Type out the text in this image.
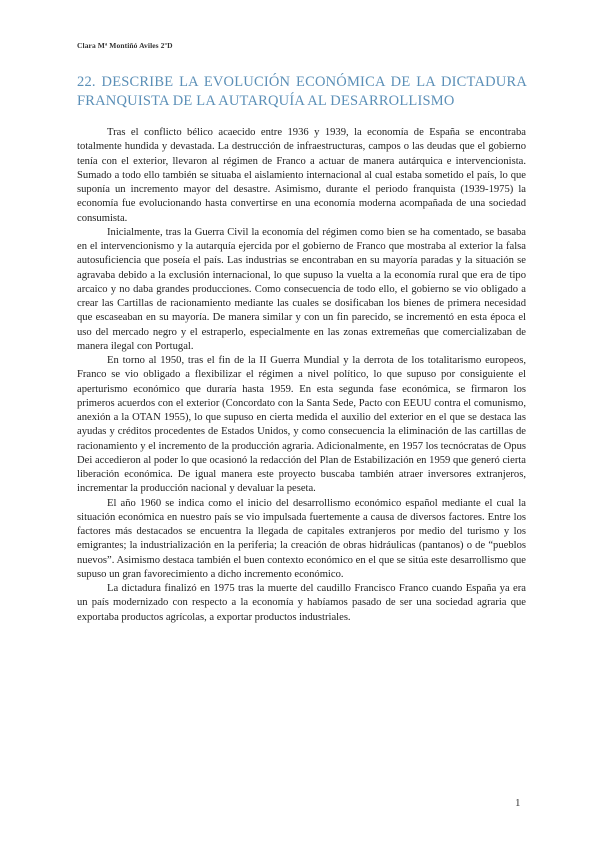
Clara Mª Montiñó Aviles 2ºD
22. DESCRIBE LA EVOLUCIÓN ECONÓMICA DE LA DICTADURA FRANQUISTA DE LA AUTARQUÍA AL DESARROLLISMO

Tras el conflicto bélico acaecido entre 1936 y 1939, la economía de España se encontraba totalmente hundida y devastada. La destrucción de infraestructuras, campos o las deudas que el gobierno tenía con el exterior, llevaron al régimen de Franco a actuar de manera autárquica e intervencionista. Sumado a todo ello también se situaba el aislamiento internacional al cual estaba sometido el país, lo que suponía un incremento mayor del desastre. Asimismo, durante el periodo franquista (1939-1975) la economía fue evolucionando hasta convertirse en una economía moderna acompañada de una sociedad consumista.

Inicialmente, tras la Guerra Civil la economía del régimen como bien se ha comentado, se basaba en el intervencionismo y la autarquía ejercida por el gobierno de Franco que mostraba al exterior la falsa autosuficiencia que poseía el país. Las industrias se encontraban en su mayoría paradas y la situación se agravaba debido a la exclusión internacional, lo que supuso la vuelta a la economía rural que era de tipo arcaico y no daba grandes producciones. Como consecuencia de todo ello, el gobierno se vio obligado a crear las Cartillas de racionamiento mediante las cuales se dosificaban los bienes de primera necesidad que escaseaban en su mayoría. De manera similar y con un fin parecido, se incrementó en esta época el uso del mercado negro y el estraperlo, especialmente en las zonas extremeñas que comercializaban de manera ilegal con Portugal.

En torno al 1950, tras el fin de la II Guerra Mundial y la derrota de los totalitarismo europeos, Franco se vio obligado a flexibilizar el régimen a nivel político, lo que supuso por consiguiente el aperturismo económico que duraría hasta 1959. En esta segunda fase económica, se firmaron los primeros acuerdos con el exterior (Concordato con la Santa Sede, Pacto con EEUU contra el comunismo, anexión a la OTAN 1955), lo que supuso en cierta medida el auxilio del exterior en el que se destaca las ayudas y créditos procedentes de Estados Unidos, y como consecuencia la eliminación de las cartillas de racionamiento y el incremento de la producción agraria. Adicionalmente, en 1957 los tecnócratas de Opus Dei accedieron al poder lo que ocasionó la redacción del Plan de Estabilización en 1959 que generó cierta liberación económica. De igual manera este proyecto buscaba también atraer inversores extranjeros, incrementar la producción nacional y devaluar la peseta.

El año 1960 se indica como el inicio del desarrollismo económico español mediante el cual la situación económica en nuestro país se vio impulsada fuertemente a causa de diversos factores. Entre los factores más destacados se encuentra la llegada de capitales extranjeros por medio del turismo y los emigrantes; la industrialización en la periferia; la creación de obras hidráulicas (pantanos) o de “pueblos nuevos”. Asimismo destaca también el buen contexto económico en el que se sitúa este desarrollismo que supuso un gran favorecimiento a dicho incremento económico.

La dictadura finalizó en 1975 tras la muerte del caudillo Francisco Franco cuando España ya era un país modernizado con respecto a la economía y habíamos pasado de ser una sociedad agraria que exportaba productos agrícolas, a exportar productos industriales.

1
